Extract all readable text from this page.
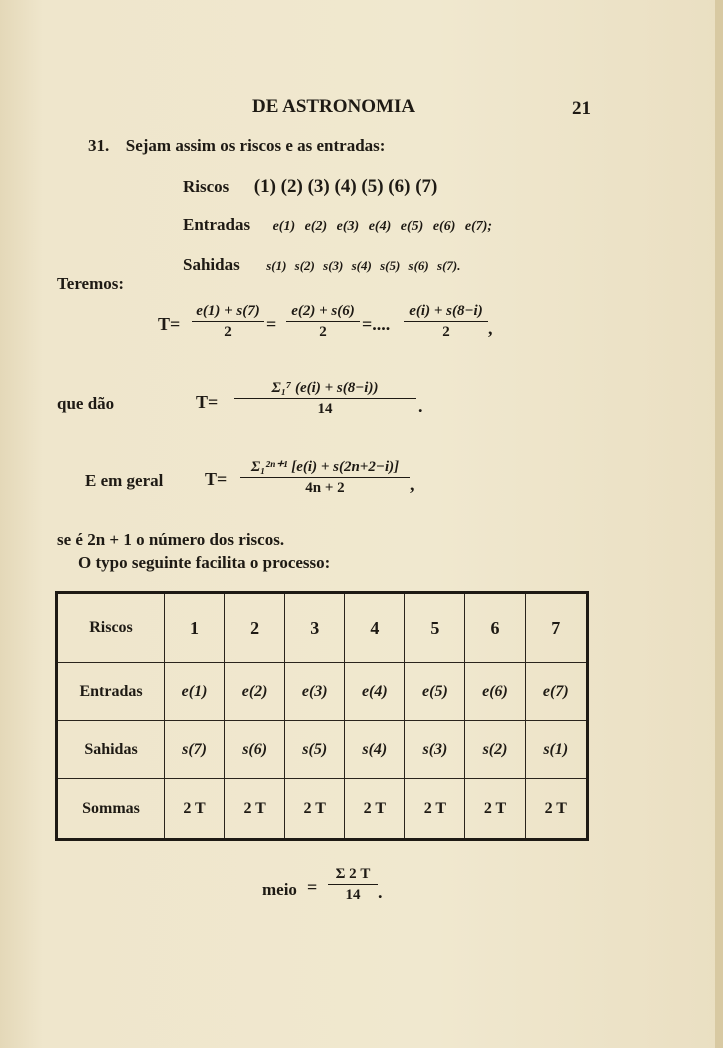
DE ASTRONOMIA	21
31. Sejam assim os riscos e as entradas:
Riscos (1) (2) (3) (4) (5) (6) (7)
Entradas e(1) e(2) e(3) e(4) e(5) e(6) e(7);
Sahidas s(1) s(2) s(3) s(4) s(5) s(6) s(7).
Teremos:
T=
e(1) + s(7)
2	=
e(2) + s(6)
2	=....
e(i) + s(8−i)
2	,
que dão	T=
Σ₁⁷ (e(i) + s(8−i))
14	.
E em geral T=
Σ₁²ⁿ⁺¹ [e(i) + s(2n+2−i)]
4n + 2	,
se é 2n + 1 o número dos riscos.
O typo seguinte facilita o processo:
Riscos	1	2	3	4	5	6	7
Entradas	e(1)	e(2)	e(3)	e(4)	e(5)	e(6)	e(7)
Sahidas	s(7)	s(6)	s(5)	s(4)	s(3)	s(2)	s(1)
Sommas	2 T	2 T	2 T	2 T	2 T	2 T	2 T
meio =
Σ 2 T
14 .
